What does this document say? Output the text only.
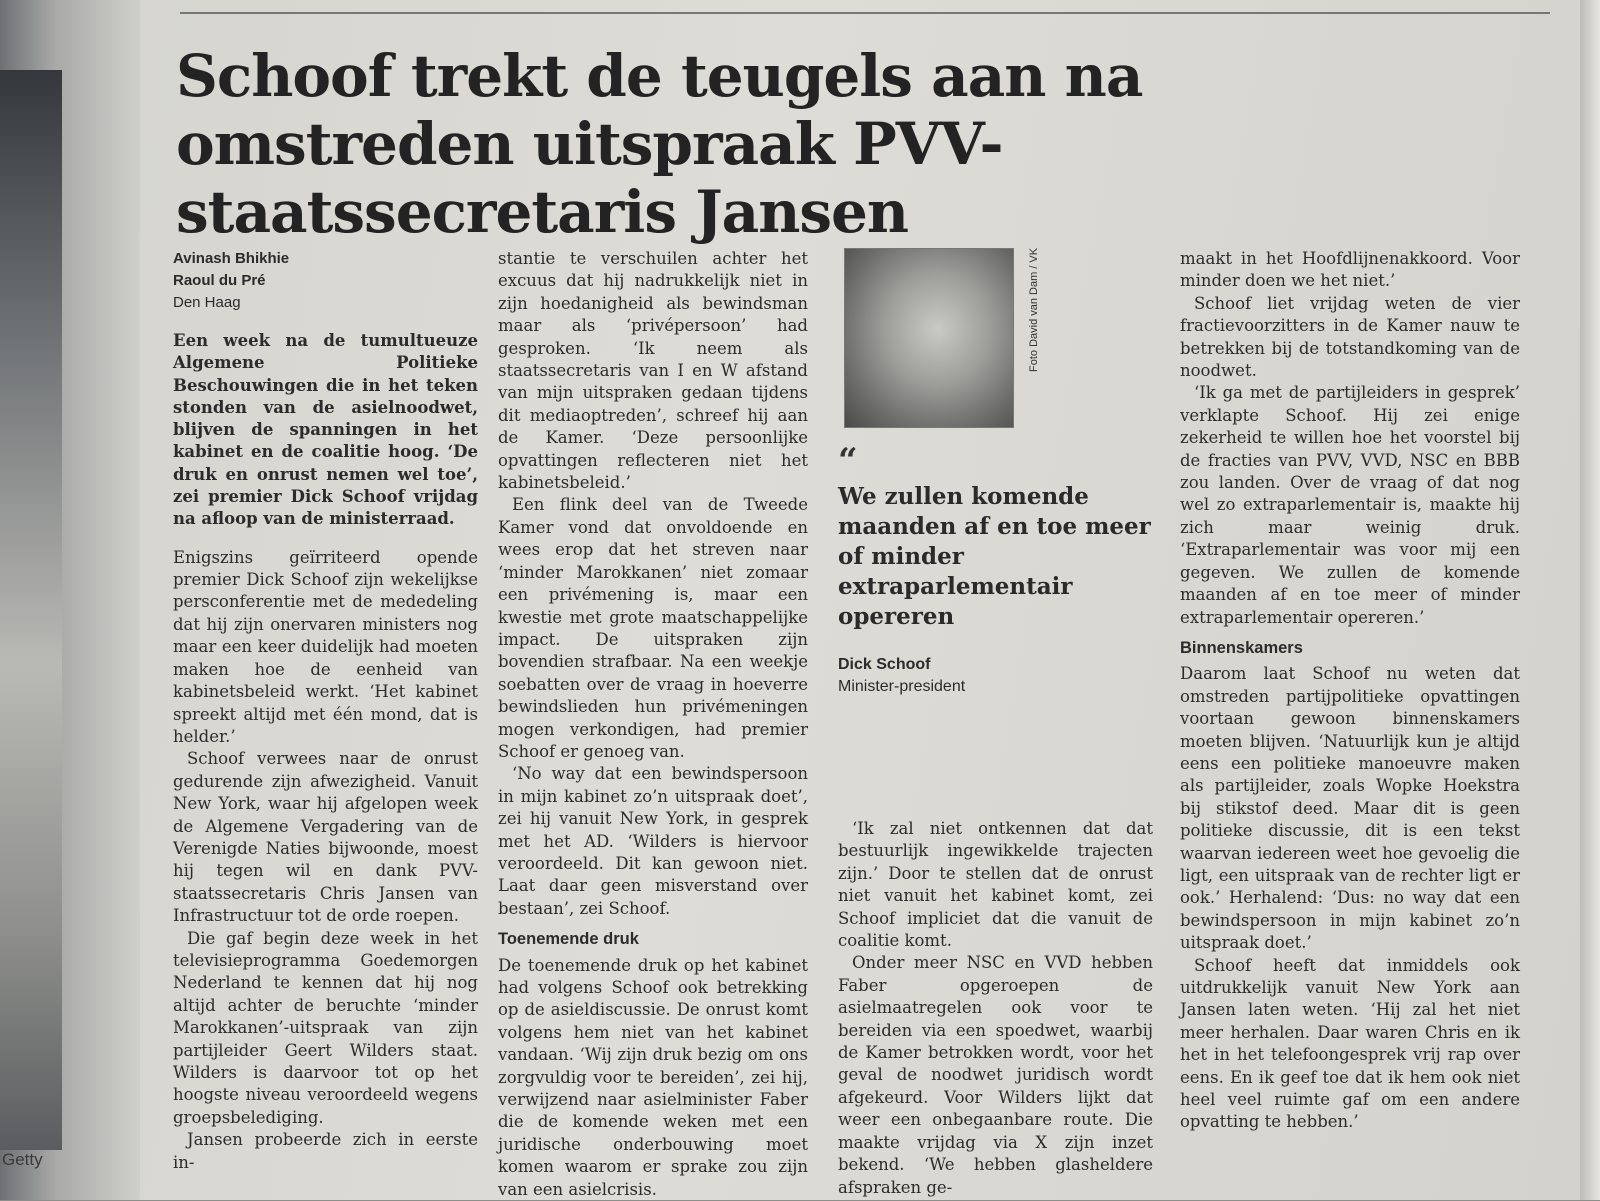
Getty
Schoof trekt de teugels aan na omstreden uitspraak PVV-staatssecretaris Jansen
Avinash Bhikhie
Raoul du Pré
Den Haag

Een week na de tumultueuze Algemene Politieke Beschouwingen die in het teken stonden van de asielnoodwet, blijven de spanningen in het kabinet en de coalitie hoog. ‘De druk en onrust nemen wel toe’, zei premier Dick Schoof vrijdag na afloop van de ministerraad.

Enigszins geïrriteerd opende premier Dick Schoof zijn wekelijkse persconferentie met de mededeling dat hij zijn onervaren ministers nog maar een keer duidelijk had moeten maken hoe de eenheid van kabinetsbeleid werkt. ‘Het kabinet spreekt altijd met één mond, dat is helder.’

Schoof verwees naar de onrust gedurende zijn afwezigheid. Vanuit New York, waar hij afgelopen week de Algemene Vergadering van de Verenigde Naties bijwoonde, moest hij tegen wil en dank PVV-staatssecretaris Chris Jansen van Infrastructuur tot de orde roepen.

Die gaf begin deze week in het televisieprogramma Goedemorgen Nederland te kennen dat hij nog altijd achter de beruchte ‘minder Marokkanen’-uitspraak van zijn partijleider Geert Wilders staat. Wilders is daarvoor tot op het hoogste niveau veroordeeld wegens groepsbelediging.

Jansen probeerde zich in eerste in-

stantie te verschuilen achter het excuus dat hij nadrukkelijk niet in zijn hoedanigheid als bewindsman maar als ‘privépersoon’ had gesproken. ‘Ik neem als staatssecretaris van I en W afstand van mijn uitspraken gedaan tijdens dit mediaoptreden’, schreef hij aan de Kamer. ‘Deze persoonlijke opvattingen reflecteren niet het kabinetsbeleid.’

Een flink deel van de Tweede Kamer vond dat onvoldoende en wees erop dat het streven naar ‘minder Marokkanen’ niet zomaar een privémening is, maar een kwestie met grote maatschappelijke impact. De uitspraken zijn bovendien strafbaar. Na een weekje soebatten over de vraag in hoeverre bewindslieden hun privémeningen mogen verkondigen, had premier Schoof er genoeg van.

‘No way dat een bewindspersoon in mijn kabinet zo’n uitspraak doet’, zei hij vanuit New York, in gesprek met het AD. ‘Wilders is hiervoor veroordeeld. Dit kan gewoon niet. Laat daar geen misverstand over bestaan’, zei Schoof.

Toenemende druk

De toenemende druk op het kabinet had volgens Schoof ook betrekking op de asieldiscussie. De onrust komt volgens hem niet van het kabinet vandaan. ‘Wij zijn druk bezig om ons zorgvuldig voor te bereiden’, zei hij, verwijzend naar asielminister Faber die de komende weken met een juridische onderbouwing moet komen waarom er sprake zou zijn van een asielcrisis.

Foto David van Dam / VK
“
We zullen komende maanden af en toe meer of minder extraparlementair opereren
Dick Schoof
Minister-president

‘Ik zal niet ontkennen dat dat bestuurlijk ingewikkelde trajecten zijn.’ Door te stellen dat de onrust niet vanuit het kabinet komt, zei Schoof impliciet dat die vanuit de coalitie komt.

Onder meer NSC en VVD hebben Faber opgeroepen de asielmaatregelen ook voor te bereiden via een spoedwet, waarbij de Kamer betrokken wordt, voor het geval de noodwet juridisch wordt afgekeurd. Voor Wilders lijkt dat weer een onbegaanbare route. Die maakte vrijdag via X zijn inzet bekend. ‘We hebben glasheldere afspraken ge-

maakt in het Hoofdlijnenakkoord. Voor minder doen we het niet.’

Schoof liet vrijdag weten de vier fractievoorzitters in de Kamer nauw te betrekken bij de totstandkoming van de noodwet.

‘Ik ga met de partijleiders in gesprek’ verklapte Schoof. Hij zei enige zekerheid te willen hoe het voorstel bij de fracties van PVV, VVD, NSC en BBB zou landen. Over de vraag of dat nog wel zo extraparlementair is, maakte hij zich maar weinig druk. ‘Extraparlementair was voor mij een gegeven. We zullen de komende maanden af en toe meer of minder extraparlementair opereren.’

Binnenskamers

Daarom laat Schoof nu weten dat omstreden partijpolitieke opvattingen voortaan gewoon binnenskamers moeten blijven. ‘Natuurlijk kun je altijd eens een politieke manoeuvre maken als partijleider, zoals Wopke Hoekstra bij stikstof deed. Maar dit is geen politieke discussie, dit is een tekst waarvan iedereen weet hoe gevoelig die ligt, een uitspraak van de rechter ligt er ook.’ Herhalend: ‘Dus: no way dat een bewindspersoon in mijn kabinet zo’n uitspraak doet.’

Schoof heeft dat inmiddels ook uitdrukkelijk vanuit New York aan Jansen laten weten. ‘Hij zal het niet meer herhalen. Daar waren Chris en ik het in het telefoongesprek vrij rap over eens. En ik geef toe dat ik hem ook niet heel veel ruimte gaf om een andere opvatting te hebben.’
